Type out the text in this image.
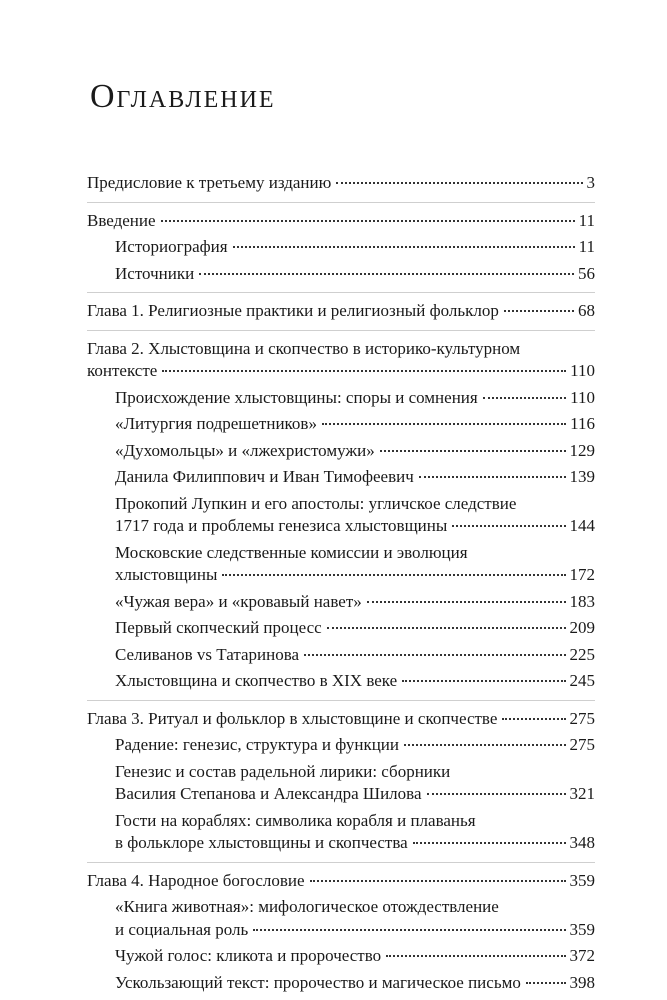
Оглавление
Предисловие к третьему изданию	3
Введение	11
Историография	11
Источники	56
Глава 1. Религиозные практики и религиозный фольклор	68
Глава 2. Хлыстовщина и скопчество в историко-культурном
контексте	110
Происхождение хлыстовщины: споры и сомнения	110
«Литургия подрешетников»	116
«Духомольцы» и «лжехристомужи»	129
Данила Филиппович и Иван Тимофеевич	139
Прокопий Лупкин и его апостолы: угличское следствие
1717 года и проблемы генезиса хлыстовщины	144
Московские следственные комиссии и эволюция
хлыстовщины	172
«Чужая вера» и «кровавый навет»	183
Первый скопческий процесс	209
Селиванов vs Татаринова	225
Хлыстовщина и скопчество в XIX веке	245
Глава 3. Ритуал и фольклор в хлыстовщине и скопчестве	275
Радение: генезис, структура и функции	275
Генезис и состав радельной лирики: сборники
Василия Степанова и Александра Шилова	321
Гости на кораблях: символика корабля и плаванья
в фольклоре хлыстовщины и скопчества	348
Глава 4. Народное богословие	359
«Книга животная»: мифологическое отождествление
и социальная роль	359
Чужой голос: кликота и пророчество	372
Ускользающий текст: пророчество и магическое письмо	398
